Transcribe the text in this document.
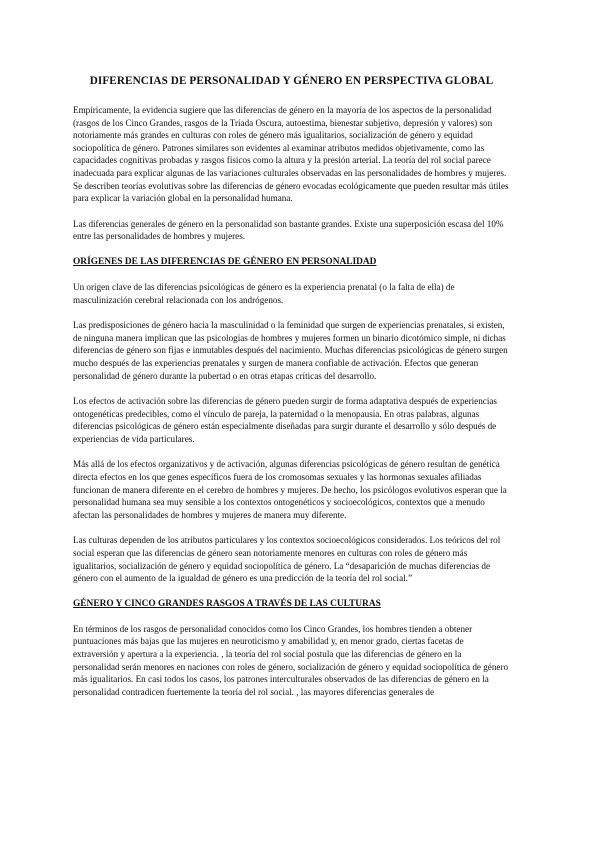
DIFERENCIAS DE PERSONALIDAD Y GÉNERO EN PERSPECTIVA GLOBAL

Empíricamente, la evidencia sugiere que las diferencias de género en la mayoría de los aspectos de la personalidad (rasgos de los Cinco Grandes, rasgos de la Tríada Oscura, autoestima, bienestar subjetivo, depresión y valores) son notoriamente más grandes en culturas con roles de género más igualitarios, socialización de género y equidad sociopolítica de género. Patrones similares son evidentes al examinar atributos medidos objetivamente, como las capacidades cognitivas probadas y rasgos físicos como la altura y la presión arterial. La teoría del rol social parece inadecuada para explicar algunas de las variaciones culturales observadas en las personalidades de hombres y mujeres. Se describen teorías evolutivas sobre las diferencias de género evocadas ecológicamente que pueden resultar más útiles para explicar la variación global en la personalidad humana.

Las diferencias generales de género en la personalidad son bastante grandes. Existe una superposición escasa del 10% entre las personalidades de hombres y mujeres.

ORÍGENES DE LAS DIFERENCIAS DE GÉNERO EN PERSONALIDAD

Un origen clave de las diferencias psicológicas de género es la experiencia prenatal (o la falta de ella) de masculinización cerebral relacionada con los andrógenos.

Las predisposiciones de género hacia la masculinidad o la feminidad que surgen de experiencias prenatales, si existen, de ninguna manera implican que las psicologías de hombres y mujeres formen un binario dicotómico simple, ni dichas diferencias de género son fijas e inmutables después del nacimiento. Muchas diferencias psicológicas de género surgen mucho después de las experiencias prenatales y surgen de manera confiable de activación. Efectos que generan personalidad de género durante la pubertad o en otras etapas críticas del desarrollo.

Los efectos de activación sobre las diferencias de género pueden surgir de forma adaptativa después de experiencias ontogenéticas predecibles, como el vínculo de pareja, la paternidad o la menopausia. En otras palabras, algunas diferencias psicológicas de género están especialmente diseñadas para surgir durante el desarrollo y sólo después de experiencias de vida particulares.

Más allá de los efectos organizativos y de activación, algunas diferencias psicológicas de género resultan de genética directa efectos en los que genes específicos fuera de los cromosomas sexuales y las hormonas sexuales afiliadas funcionan de manera diferente en el cerebro de hombres y mujeres. De hecho, los psicólogos evolutivos esperan que la personalidad humana sea muy sensible a los contextos ontogenéticos y socioecológicos, contextos que a menudo afectan las personalidades de hombres y mujeres de manera muy diferente.

Las culturas dependen de los atributos particulares y los contextos socioecológicos considerados. Los teóricos del rol social esperan que las diferencias de género sean notoriamente menores en culturas con roles de género más igualitarios, socialización de género y equidad sociopolítica de género. La “desaparición de muchas diferencias de género con el aumento de la igualdad de género es una predicción de la teoría del rol social.”

GÉNERO Y CINCO GRANDES RASGOS A TRAVÉS DE LAS CULTURAS

En términos de los rasgos de personalidad conocidos como los Cinco Grandes, los hombres tienden a obtener puntuaciones más bajas que las mujeres en neuroticismo y amabilidad y, en menor grado, ciertas facetas de extraversión y apertura a la experiencia. , la teoría del rol social postula que las diferencias de género en la personalidad serán menores en naciones con roles de género, socialización de género y equidad sociopolítica de género más igualitarios. En casi todos los casos, los patrones interculturales observados de las diferencias de género en la personalidad contradicen fuertemente la teoría del rol social. , las mayores diferencias generales de
